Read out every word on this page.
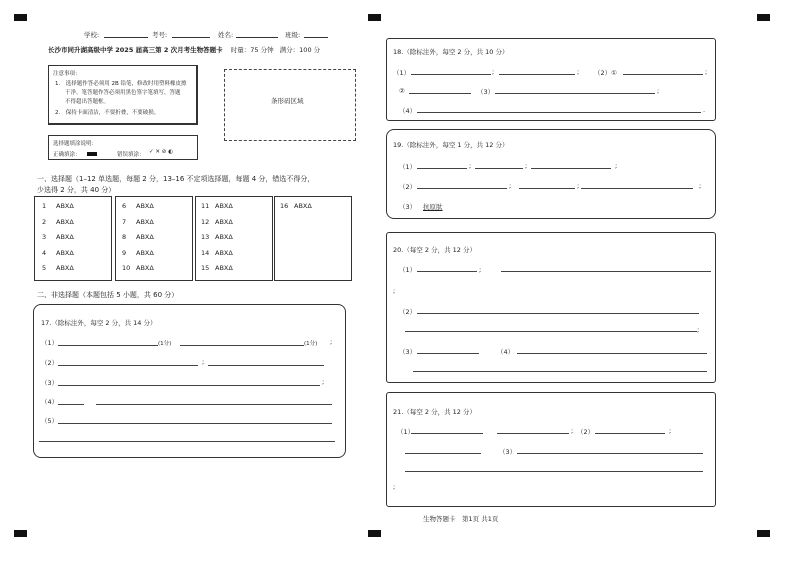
学校:	考号:	姓名:	班级:
长沙市同升湖高级中学 2025 届高三第 2 次月考生物答题卡 时量：75 分钟 满分：100 分
注意事项：
1.　选择题作答必须用 2B 铅笔，修改时用塑料橡皮擦
干净。笔答题作答必须用黑色签字笔填写，答题
不得超出答题框。
2.　保持卡面清洁，不要折叠，不要破损。
条形码区域
选择题填涂说明：
正确填涂：	错误填涂： ✓ ✕ ⊘ ◐
一、选择题（1–12 单选题，每题 2 分，13–16 不定项选择题，每题 4 分，错选不得分，
少选得 2 分，共 40 分）
1 ABXΔ
2 ABXΔ
3 ABXΔ
4 ABXΔ
5 ABXΔ
6 ABXΔ
7 ABXΔ
8 ABXΔ
9 ABXΔ
10 ABXΔ
11 ABXΔ
12 ABXΔ
13 ABXΔ
14 ABXΔ
15 ABXΔ
16 ABXΔ
二、非选择题（本题包括 5 小题，共 60 分）
17.（除标注外，每空 2 分，共 14 分）
（1）	(1分)	(1分) ;
（2）	;
（3）	;
（4）
（5）
18.（除标注外，每空 2 分，共 10 分）
（1）	;	; （2）①	;
②	（3）	;
（4）	.
19.（除标注外，每空 1 分，共 12 分）
（1）	;	;	;
（2）	;	;	;
（3） 抗原肽
20.（每空 2 分，共 12 分）
（1）	;
;
（2）
;
（3）	（4）
21.（每空 2 分，共 12 分）
（1）	; （2）	;
（3）
;
生物答题卡　第1页 共1页
